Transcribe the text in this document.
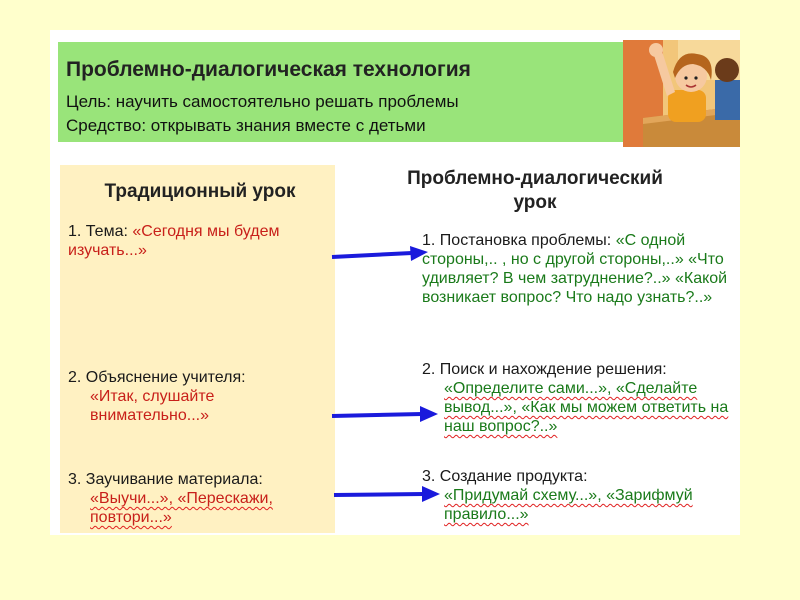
Проблемно-диалогическая технология
Цель: научить самостоятельно решать проблемы
Средство: открывать знания вместе с детьми
Традиционный урок
1. Тема: «Сегодня мы будем изучать...»
2. Объяснение учителя:
«Итак, слушайте внимательно...»
3. Заучивание материала:
«Выучи...», «Перескажи, повтори...»
Проблемно-диалогический урок
1. Постановка проблемы: «С одной стороны,.. , но с другой стороны,..» «Что удивляет? В чем затруднение?..» «Какой возникает вопрос? Что надо узнать?..»
2. Поиск и нахождение решения:
«Определите сами...», «Сделайте вывод...», «Как мы можем ответить на наш вопрос?..»
3. Создание продукта:
«Придумай схему...», «Зарифмуй правило...»
